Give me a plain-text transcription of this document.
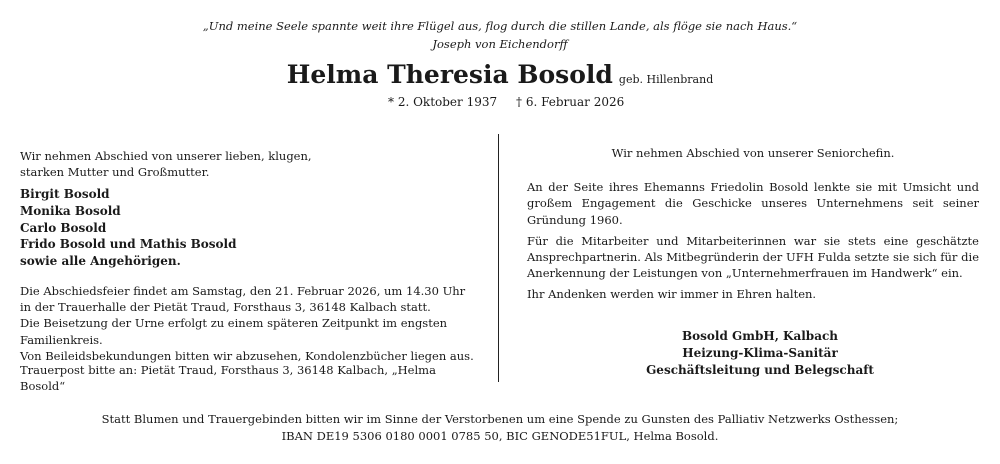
„Und meine Seele spannte weit ihre Flügel aus, flog durch die stillen Lande, als flöge sie nach Haus.“
Joseph von Eichendorff
Helma Theresia Bosold geb. Hillenbrand
* 2. Oktober 1937 † 6. Februar 2026

Wir nehmen Abschied von unserer lieben, klugen,

starken Mutter und Großmutter.

Birgit Bosold

Monika Bosold

Carlo Bosold

Frido Bosold und Mathis Bosold

sowie alle Angehörigen.

Die Abschiedsfeier findet am Samstag, den 21. Februar 2026, um 14.30 Uhr

in der Trauerhalle der Pietät Traud, Forsthaus 3, 36148 Kalbach statt.

Die Beisetzung der Urne erfolgt zu einem späteren Zeitpunkt im engsten

Familienkreis.

Von Beileidsbekundungen bitten wir abzusehen, Kondolenzbücher liegen aus.

Trauerpost bitte an: Pietät Traud, Forsthaus 3, 36148 Kalbach, „Helma Bosold“

Wir nehmen Abschied von unserer Seniorchefin.

An der Seite ihres Ehemanns Friedolin Bosold lenkte sie mit Umsicht und großem Engagement die Geschicke unseres Unternehmens seit seiner Gründung 1960.

Für die Mitarbeiter und Mitarbeiterinnen war sie stets eine geschätzte Ansprechpartnerin. Als Mitbegründerin der UFH Fulda setzte sie sich für die Anerkennung der Leistungen von „Unternehmerfrauen im Handwerk“ ein.

Ihr Andenken werden wir immer in Ehren halten.

Bosold GmbH, Kalbach
Heizung-Klima-Sanitär
Geschäftsleitung und Belegschaft
Statt Blumen und Trauergebinden bitten wir im Sinne der Verstorbenen um eine Spende zu Gunsten des Palliativ Netzwerks Osthessen;
IBAN DE19 5306 0180 0001 0785 50, BIC GENODE51FUL, Helma Bosold.
